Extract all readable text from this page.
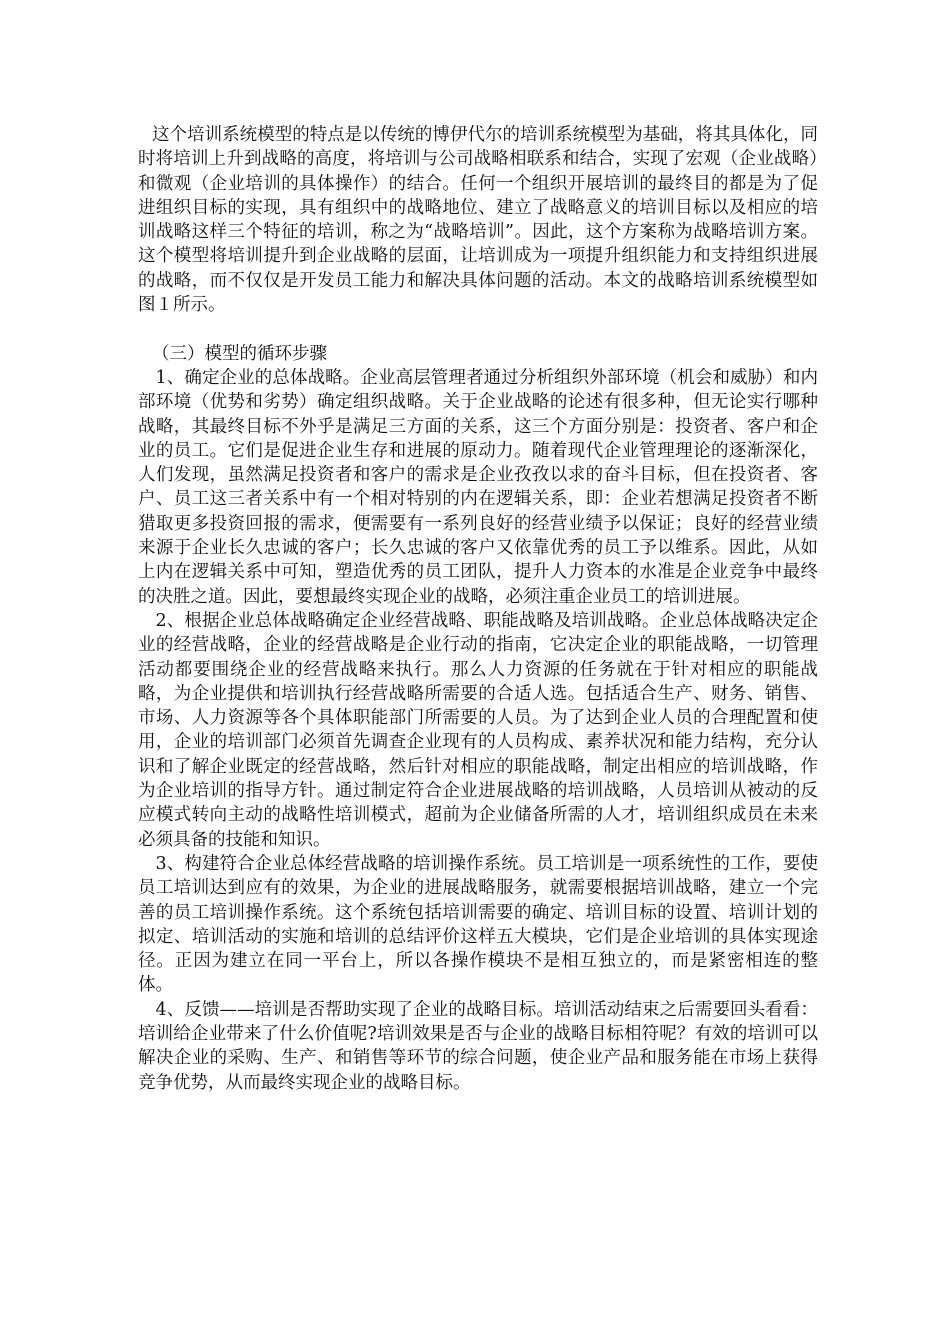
这个培训系统模型的特点是以传统的博伊代尔的培训系统模型为基础，将其具体化，同时将培训上升到战略的高度，将培训与公司战略相联系和结合，实现了宏观（企业战略）和微观（企业培训的具体操作）的结合。任何一个组织开展培训的最终目的都是为了促进组织目标的实现，具有组织中的战略地位、建立了战略意义的培训目标以及相应的培训战略这样三个特征的培训，称之为“战略培训”。因此，这个方案称为战略培训方案。这个模型将培训提升到企业战略的层面，让培训成为一项提升组织能力和支持组织进展的战略，而不仅仅是开发员工能力和解决具体问题的活动。本文的战略培训系统模型如图１所示。

（三）模型的循环步骤

1、确定企业的总体战略。企业高层管理者通过分析组织外部环境（机会和威胁）和内部环境（优势和劣势）确定组织战略。关于企业战略的论述有很多种，但无论实行哪种战略，其最终目标不外乎是满足三方面的关系，这三个方面分别是：投资者、客户和企业的员工。它们是促进企业生存和进展的原动力。随着现代企业管理理论的逐渐深化，人们发现，虽然满足投资者和客户的需求是企业孜孜以求的奋斗目标，但在投资者、客户、员工这三者关系中有一个相对特别的内在逻辑关系，即：企业若想满足投资者不断猎取更多投资回报的需求，便需要有一系列良好的经营业绩予以保证；良好的经营业绩来源于企业长久忠诚的客户；长久忠诚的客户又依靠优秀的员工予以维系。因此，从如上内在逻辑关系中可知，塑造优秀的员工团队，提升人力资本的水准是企业竞争中最终的决胜之道。因此，要想最终实现企业的战略，必须注重企业员工的培训进展。

2、根据企业总体战略确定企业经营战略、职能战略及培训战略。企业总体战略决定企业的经营战略，企业的经营战略是企业行动的指南，它决定企业的职能战略，一切管理活动都要围绕企业的经营战略来执行。那么人力资源的任务就在于针对相应的职能战略，为企业提供和培训执行经营战略所需要的合适人选。包括适合生产、财务、销售、市场、人力资源等各个具体职能部门所需要的人员。为了达到企业人员的合理配置和使用，企业的培训部门必须首先调查企业现有的人员构成、素养状况和能力结构，充分认识和了解企业既定的经营战略，然后针对相应的职能战略，制定出相应的培训战略，作为企业培训的指导方针。通过制定符合企业进展战略的培训战略，人员培训从被动的反应模式转向主动的战略性培训模式，超前为企业储备所需的人才，培训组织成员在未来必须具备的技能和知识。

3、构建符合企业总体经营战略的培训操作系统。员工培训是一项系统性的工作，要使员工培训达到应有的效果，为企业的进展战略服务，就需要根据培训战略，建立一个完善的员工培训操作系统。这个系统包括培训需要的确定、培训目标的设置、培训计划的拟定、培训活动的实施和培训的总结评价这样五大模块，它们是企业培训的具体实现途径。正因为建立在同一平台上，所以各操作模块不是相互独立的，而是紧密相连的整体。

4、反馈——培训是否帮助实现了企业的战略目标。培训活动结束之后需要回头看看：培训给企业带来了什么价值呢?培训效果是否与企业的战略目标相符呢？有效的培训可以解决企业的采购、生产、和销售等环节的综合问题，使企业产品和服务能在市场上获得竞争优势，从而最终实现企业的战略目标。
